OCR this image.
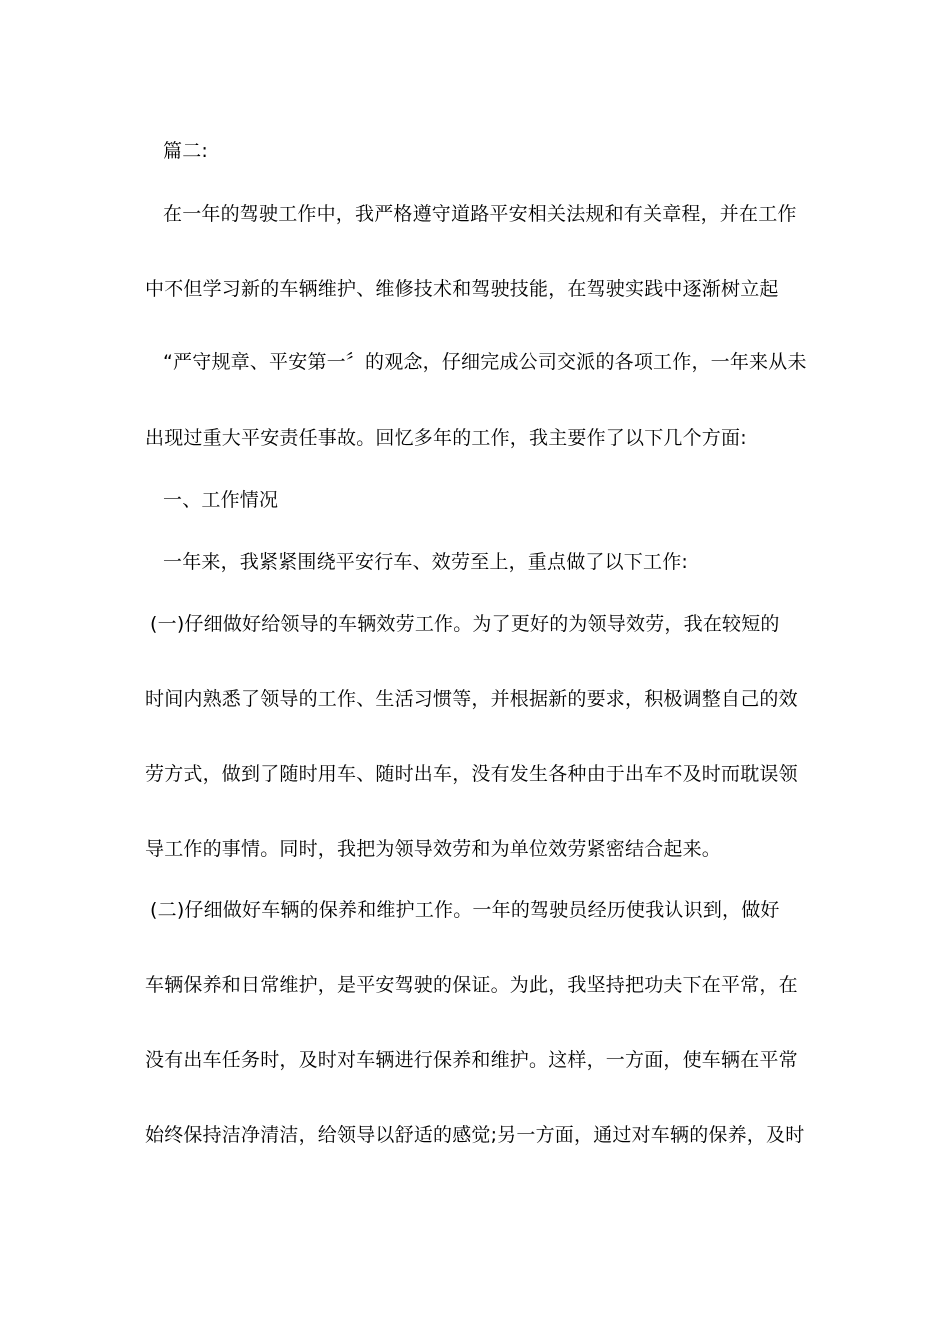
篇二:
在一年的驾驶工作中，我严格遵守道路平安相关法规和有关章程，并在工作
中不但学习新的车辆维护、维修技术和驾驶技能，在驾驶实践中逐渐树立起
“严守规章、平安第一〞的观念，仔细完成公司交派的各项工作，一年来从未
出现过重大平安责任事故。回忆多年的工作，我主要作了以下几个方面:
一、工作情况
一年来，我紧紧围绕平安行车、效劳至上，重点做了以下工作:
(一)仔细做好给领导的车辆效劳工作。为了更好的为领导效劳，我在较短的
时间内熟悉了领导的工作、生活习惯等，并根据新的要求，积极调整自己的效
劳方式，做到了随时用车、随时出车，没有发生各种由于出车不及时而耽误领
导工作的事情。同时，我把为领导效劳和为单位效劳紧密结合起来。
(二)仔细做好车辆的保养和维护工作。一年的驾驶员经历使我认识到，做好
车辆保养和日常维护，是平安驾驶的保证。为此，我坚持把功夫下在平常，在
没有出车任务时，及时对车辆进行保养和维护。这样，一方面，使车辆在平常
始终保持洁净清洁，给领导以舒适的感觉;另一方面，通过对车辆的保养，及时
